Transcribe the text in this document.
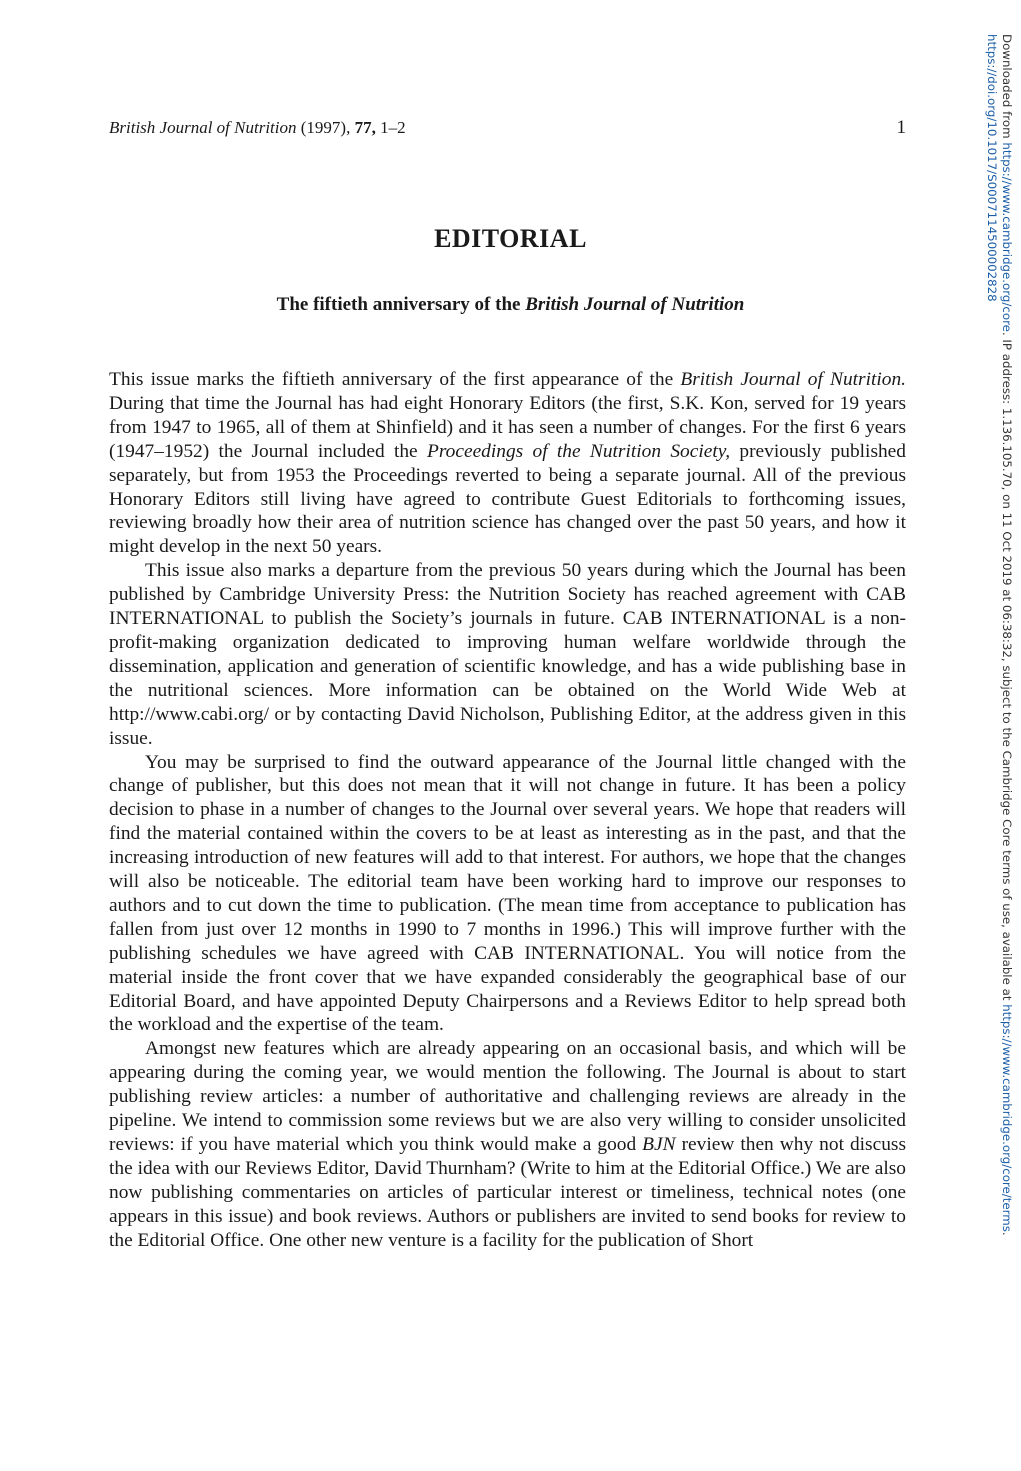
British Journal of Nutrition (1997), 77, 1–2	1
EDITORIAL
The fiftieth anniversary of the British Journal of Nutrition

This issue marks the fiftieth anniversary of the first appearance of the British Journal of Nutrition. During that time the Journal has had eight Honorary Editors (the first, S.K. Kon, served for 19 years from 1947 to 1965, all of them at Shinfield) and it has seen a number of changes. For the first 6 years (1947–1952) the Journal included the Proceedings of the Nutrition Society, previously published separately, but from 1953 the Proceedings reverted to being a separate journal. All of the previous Honorary Editors still living have agreed to contribute Guest Editorials to forthcoming issues, reviewing broadly how their area of nutrition science has changed over the past 50 years, and how it might develop in the next 50 years.

This issue also marks a departure from the previous 50 years during which the Journal has been published by Cambridge University Press: the Nutrition Society has reached agreement with CAB INTERNATIONAL to publish the Society’s journals in future. CAB INTERNATIONAL is a non-profit-making organization dedicated to improving human welfare worldwide through the dissemination, application and generation of scientific knowledge, and has a wide publishing base in the nutritional sciences. More information can be obtained on the World Wide Web at http://www.cabi.org/ or by contacting David Nicholson, Publishing Editor, at the address given in this issue.

You may be surprised to find the outward appearance of the Journal little changed with the change of publisher, but this does not mean that it will not change in future. It has been a policy decision to phase in a number of changes to the Journal over several years. We hope that readers will find the material contained within the covers to be at least as interesting as in the past, and that the increasing introduction of new features will add to that interest. For authors, we hope that the changes will also be noticeable. The editorial team have been working hard to improve our responses to authors and to cut down the time to publication. (The mean time from acceptance to publication has fallen from just over 12 months in 1990 to 7 months in 1996.) This will improve further with the publishing schedules we have agreed with CAB INTERNATIONAL. You will notice from the material inside the front cover that we have expanded considerably the geographical base of our Editorial Board, and have appointed Deputy Chairpersons and a Reviews Editor to help spread both the workload and the expertise of the team.

Amongst new features which are already appearing on an occasional basis, and which will be appearing during the coming year, we would mention the following. The Journal is about to start publishing review articles: a number of authoritative and challenging reviews are already in the pipeline. We intend to commission some reviews but we are also very willing to consider unsolicited reviews: if you have material which you think would make a good BJN review then why not discuss the idea with our Reviews Editor, David Thurnham? (Write to him at the Editorial Office.) We are also now publishing commentaries on articles of particular interest or timeliness, technical notes (one appears in this issue) and book reviews. Authors or publishers are invited to send books for review to the Editorial Office. One other new venture is a facility for the publication of Short

Downloaded from https://www.cambridge.org/core. IP address: 1.136.105.70, on 11 Oct 2019 at 06:38:32, subject to the Cambridge Core terms of use, available at https://www.cambridge.org/core/terms.
https://doi.org/10.1017/S0007114500002828
